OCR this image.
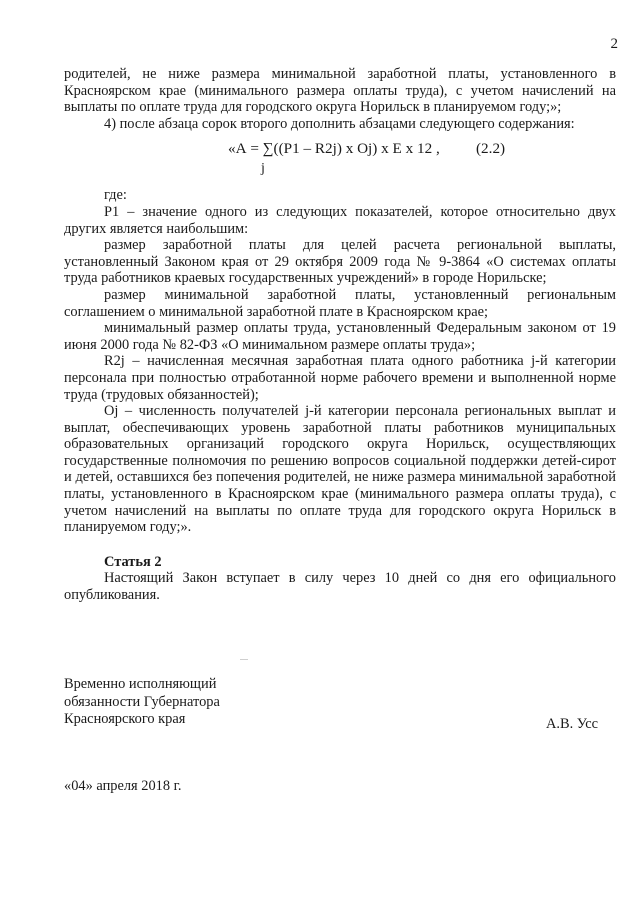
2

родителей, не ниже размера минимальной заработной платы, установленного в Красноярском крае (минимального размера оплаты труда), с учетом начислений на выплаты по оплате труда для городского округа Норильск в планируемом году;»;

4) после абзаца сорок второго дополнить абзацами следующего содержания:

«А = ∑((Р1 – R2j) x Оj) x Е x 12 , (2.2)
j

где:

Р1 – значение одного из следующих показателей, которое относительно двух других является наибольшим:

размер заработной платы для целей расчета региональной выплаты, установленный Законом края от 29 октября 2009 года № 9-3864 «О системах оплаты труда работников краевых государственных учреждений» в городе Норильске;

размер минимальной заработной платы, установленный региональным соглашением о минимальной заработной плате в Красноярском крае;

минимальный размер оплаты труда, установленный Федеральным законом от 19 июня 2000 года № 82-ФЗ «О минимальном размере оплаты труда»;

R2j – начисленная месячная заработная плата одного работника j-й категории персонала при полностью отработанной норме рабочего времени и выполненной норме труда (трудовых обязанностей);

Оj – численность получателей j-й категории персонала региональных выплат и выплат, обеспечивающих уровень заработной платы работников муниципальных образовательных организаций городского округа Норильск, осуществляющих государственные полномочия по решению вопросов социальной поддержки детей-сирот и детей, оставшихся без попечения родителей, не ниже размера минимальной заработной платы, установленного в Красноярском крае (минимального размера оплаты труда), с учетом начислений на выплаты по оплате труда для городского округа Норильск в планируемом году;».

Статья 2

Настоящий Закон вступает в силу через 10 дней со дня его официального опубликования.

Временно исполняющий
обязанности Губернатора
Красноярского края	А.В. Усс
«04» апреля 2018 г.
